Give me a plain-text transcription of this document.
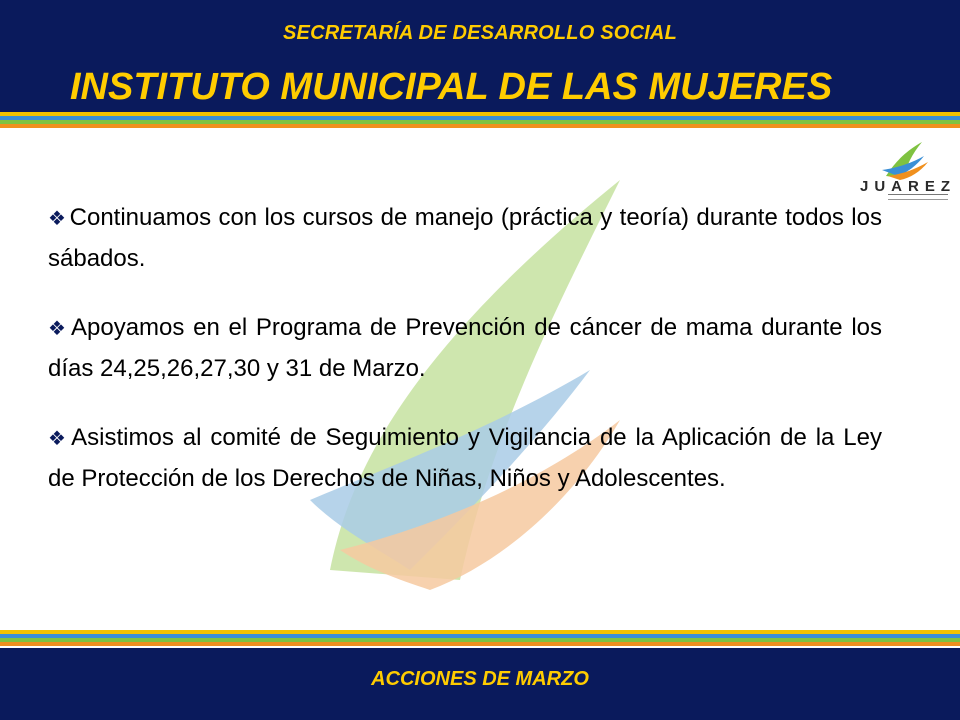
SECRETARÍA DE DESARROLLO SOCIAL
INSTITUTO MUNICIPAL DE LAS MUJERES
JUAREZ
❖ Continuamos con los cursos de manejo (práctica y teoría) durante todos los sábados.
❖ Apoyamos en el Programa de Prevención de cáncer de mama durante los días 24,25,26,27,30 y 31 de Marzo.
❖ Asistimos al comité de Seguimiento y Vigilancia de la Aplicación de la Ley de Protección de los Derechos de Niñas, Niños y Adolescentes.
ACCIONES DE MARZO
